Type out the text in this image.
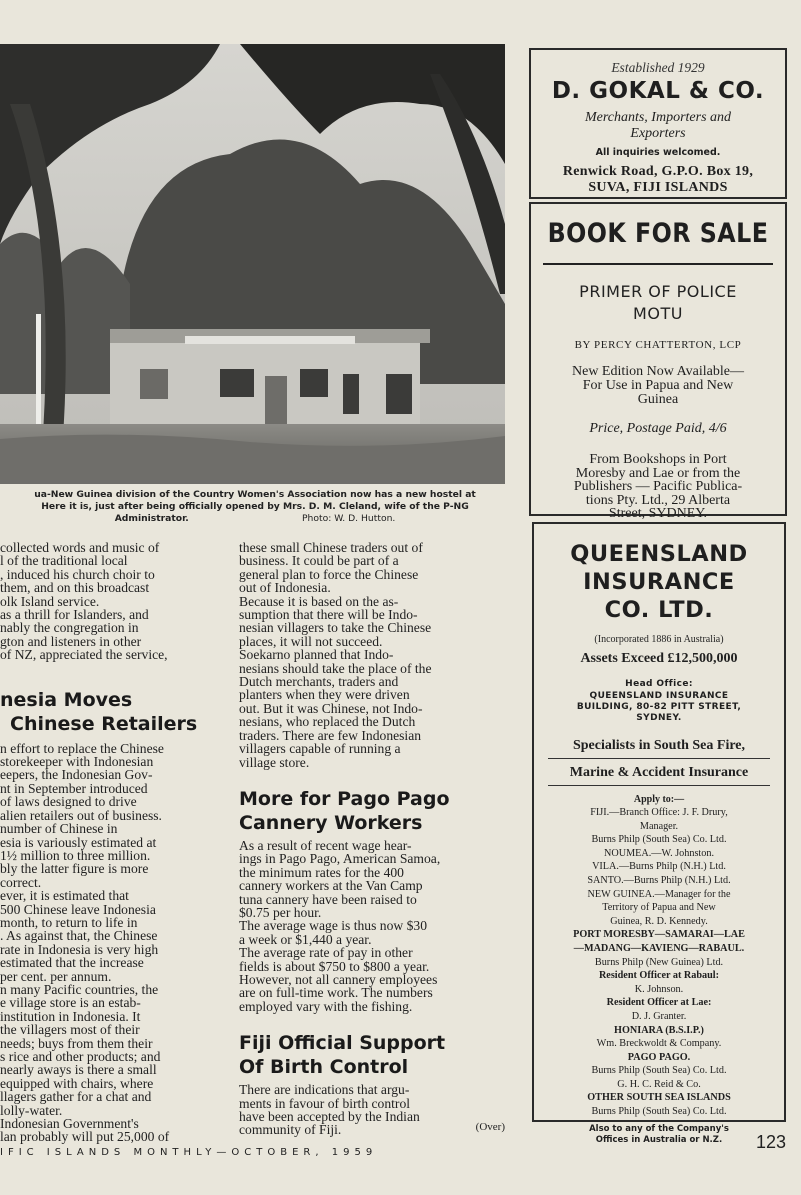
ua-New Guinea division of the Country Women's Association now has a new hostel at
Here it is, just after being officially opened by Mrs. D. M. Cleland, wife of the P-NG
Administrator.	Photo: W. D. Hutton.

collected words and music of

l of the traditional local

, induced his church choir to

them, and on this broadcast

olk Island service.

as a thrill for Islanders, and

nably the congregation in

gton and listeners in other

of NZ, appreciated the service,

nesia Moves

Chinese Retailers

n effort to replace the Chinese

storekeeper with Indonesian

eepers, the Indonesian Gov-

nt in September introduced

of laws designed to drive

alien retailers out of business.

number of Chinese in

esia is variously estimated at

1½ million to three million.

bly the latter figure is more

correct.

ever, it is estimated that

500 Chinese leave Indonesia

month, to return to life in

. As against that, the Chinese

rate in Indonesia is very high

estimated that the increase

per cent. per annum.

n many Pacific countries, the

e village store is an estab-

institution in Indonesia. It

the villagers most of their

needs; buys from them their

s rice and other products; and

nearly aways is there a small

equipped with chairs, where

llagers gather for a chat and

lolly-water.

Indonesian Government's

lan probably will put 25,000 of

these small Chinese traders out of

business. It could be part of a

general plan to force the Chinese

out of Indonesia.

Because it is based on the as-

sumption that there will be Indo-

nesian villagers to take the Chinese

places, it will not succeed.

Soekarno planned that Indo-

nesians should take the place of the

Dutch merchants, traders and

planters when they were driven

out. But it was Chinese, not Indo-

nesians, who replaced the Dutch

traders. There are few Indonesian

villagers capable of running a

village store.

More for Pago Pago

Cannery Workers

As a result of recent wage hear-

ings in Pago Pago, American Samoa,

the minimum rates for the 400

cannery workers at the Van Camp

tuna cannery have been raised to

$0.75 per hour.

The average wage is thus now $30

a week or $1,440 a year.

The average rate of pay in other

fields is about $750 to $800 a year.

However, not all cannery employees

are on full-time work. The numbers

employed vary with the fishing.

Fiji Official Support

Of Birth Control

There are indications that argu-

ments in favour of birth control

have been accepted by the Indian

community of Fiji.	(Over)

Established 1929

D. GOKAL & CO.

Merchants, Importers and

Exporters

All inquiries welcomed.

Renwick Road, G.P.O. Box 19,

SUVA, FIJI ISLANDS

BOOK FOR SALE

PRIMER OF POLICE
MOTU

BY PERCY CHATTERTON, LCP

New Edition Now Available—
For Use in Papua and New
Guinea

Price, Postage Paid, 4/6

From Bookshops in Port
Moresby and Lae or from the
Publishers — Pacific Publica-
tions Pty. Ltd., 29 Alberta
Street, SYDNEY.

QUEENSLAND
INSURANCE
CO. LTD.

(Incorporated 1886 in Australia)

Assets Exceed £12,500,000

Head Office:

QUEENSLAND INSURANCE

BUILDING, 80-82 PITT STREET,

SYDNEY.

Specialists in South Sea Fire,

Marine & Accident Insurance

Apply to:—

FIJI.—Branch Office: J. F. Drury,

Manager.

Burns Philp (South Sea) Co. Ltd.

NOUMEA.—W. Johnston.

VILA.—Burns Philp (N.H.) Ltd.

SANTO.—Burns Philp (N.H.) Ltd.

NEW GUINEA.—Manager for the

Territory of Papua and New

Guinea, R. D. Kennedy.

PORT MORESBY—SAMARAI—LAE

—MADANG—KAVIENG—RABAUL.

Burns Philp (New Guinea) Ltd.

Resident Officer at Rabaul:

K. Johnson.

Resident Officer at Lae:

D. J. Granter.

HONIARA (B.S.I.P.)

Wm. Breckwoldt & Company.

PAGO PAGO.

Burns Philp (South Sea) Co. Ltd.

G. H. C. Reid & Co.

OTHER SOUTH SEA ISLANDS

Burns Philp (South Sea) Co. Ltd.

Also to any of the Company's
Offices in Australia or N.Z.

IFIC ISLANDS MONTHLY—OCTOBER, 1959
123
